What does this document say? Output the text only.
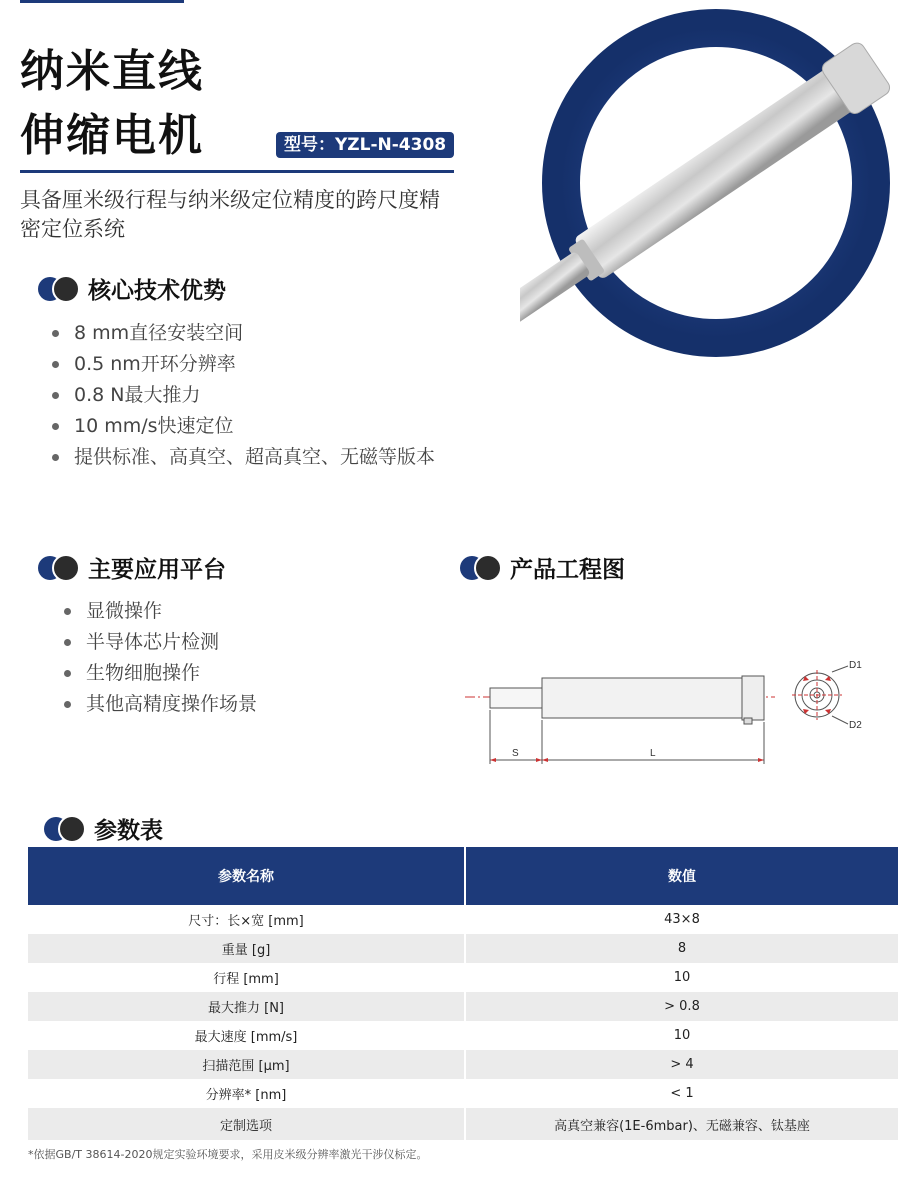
纳米直线
伸缩电机	型号：YZL-N-4308
具备厘米级行程与纳米级定位精度的跨尺度精密定位系统
核心技术优势
8 mm直径安装空间
0.5 nm开环分辨率
0.8 N最大推力
10 mm/s快速定位
提供标准、高真空、超高真空、无磁等版本
主要应用平台
显微操作
半导体芯片检测
生物细胞操作
其他高精度操作场景
产品工程图
S	L
D1
D2
参数表
参数名称	数值
尺寸：长×宽 [mm]	43×8
重量 [g]	8
行程 [mm]	10
最大推力 [N]	> 0.8
最大速度 [mm/s]	10
扫描范围 [μm]	> 4
分辨率* [nm]	< 1
定制选项	高真空兼容(1E-6mbar)、无磁兼容、钛基座
*依据GB/T 38614-2020规定实验环境要求，采用皮米级分辨率激光干涉仪标定。
